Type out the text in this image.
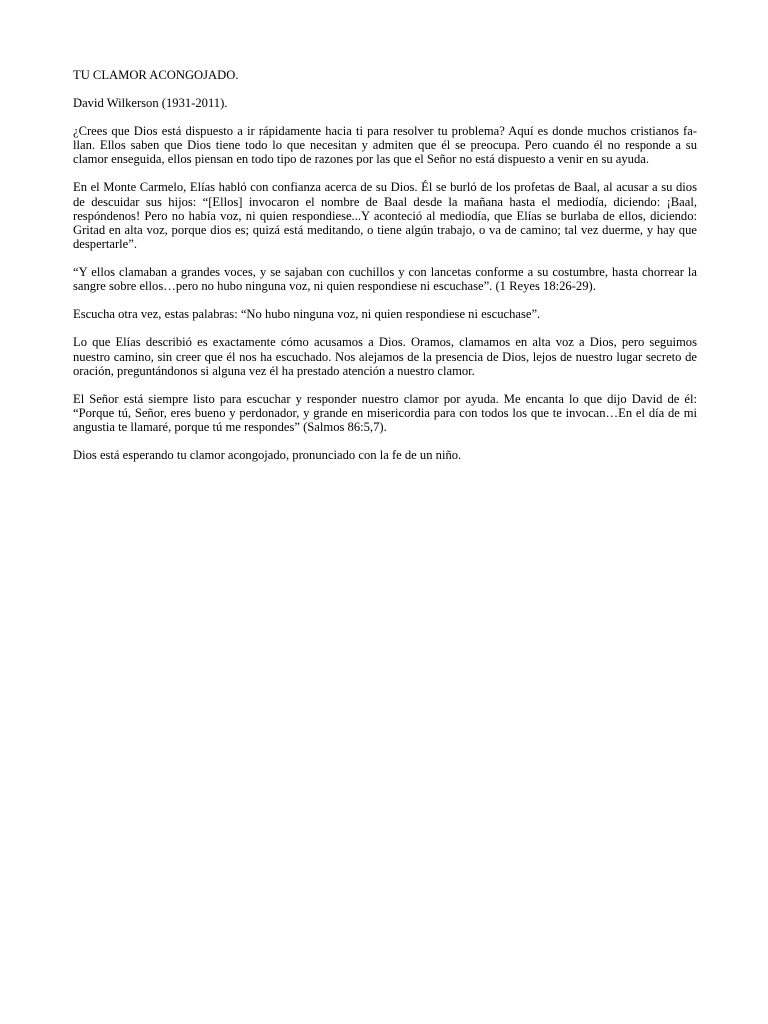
TU CLAMOR ACONGOJADO.

David Wilkerson (1931-2011).

¿Crees que Dios está dispuesto a ir rápidamente hacia ti para resolver tu problema? Aquí es donde muchos cristianos fa-llan. Ellos saben que Dios tiene todo lo que necesitan y admiten que él se preocupa. Pero cuando él no responde a su clamor enseguida, ellos piensan en todo tipo de razones por las que el Señor no está dispuesto a venir en su ayuda.

En el Monte Carmelo, Elías habló con confianza acerca de su Dios. Él se burló de los profetas de Baal, al acusar a su dios de descuidar sus hijos: “[Ellos] invocaron el nombre de Baal desde la mañana hasta el mediodía, diciendo: ¡Baal, respóndenos! Pero no había voz, ni quien respondiese...Y aconteció al mediodía, que Elías se burlaba de ellos, diciendo: Gritad en alta voz, porque dios es; quizá está meditando, o tiene algún trabajo, o va de camino; tal vez duerme, y hay que despertarle”.

“Y ellos clamaban a grandes voces, y se sajaban con cuchillos y con lancetas conforme a su costumbre, hasta chorrear la sangre sobre ellos…pero no hubo ninguna voz, ni quien respondiese ni escuchase”. (1 Reyes 18:26-29).

Escucha otra vez, estas palabras: “No hubo ninguna voz, ni quien respondiese ni escuchase”.

Lo que Elías describió es exactamente cómo acusamos a Dios. Oramos, clamamos en alta voz a Dios, pero seguimos nuestro camino, sin creer que él nos ha escuchado. Nos alejamos de la presencia de Dios, lejos de nuestro lugar secreto de oración, preguntándonos si alguna vez él ha prestado atención a nuestro clamor.

El Señor está siempre listo para escuchar y responder nuestro clamor por ayuda. Me encanta lo que dijo David de él: “Porque tú, Señor, eres bueno y perdonador, y grande en misericordia para con todos los que te invocan…En el día de mi angustia te llamaré, porque tú me respondes” (Salmos 86:5,7).

Dios está esperando tu clamor acongojado, pronunciado con la fe de un niño.
